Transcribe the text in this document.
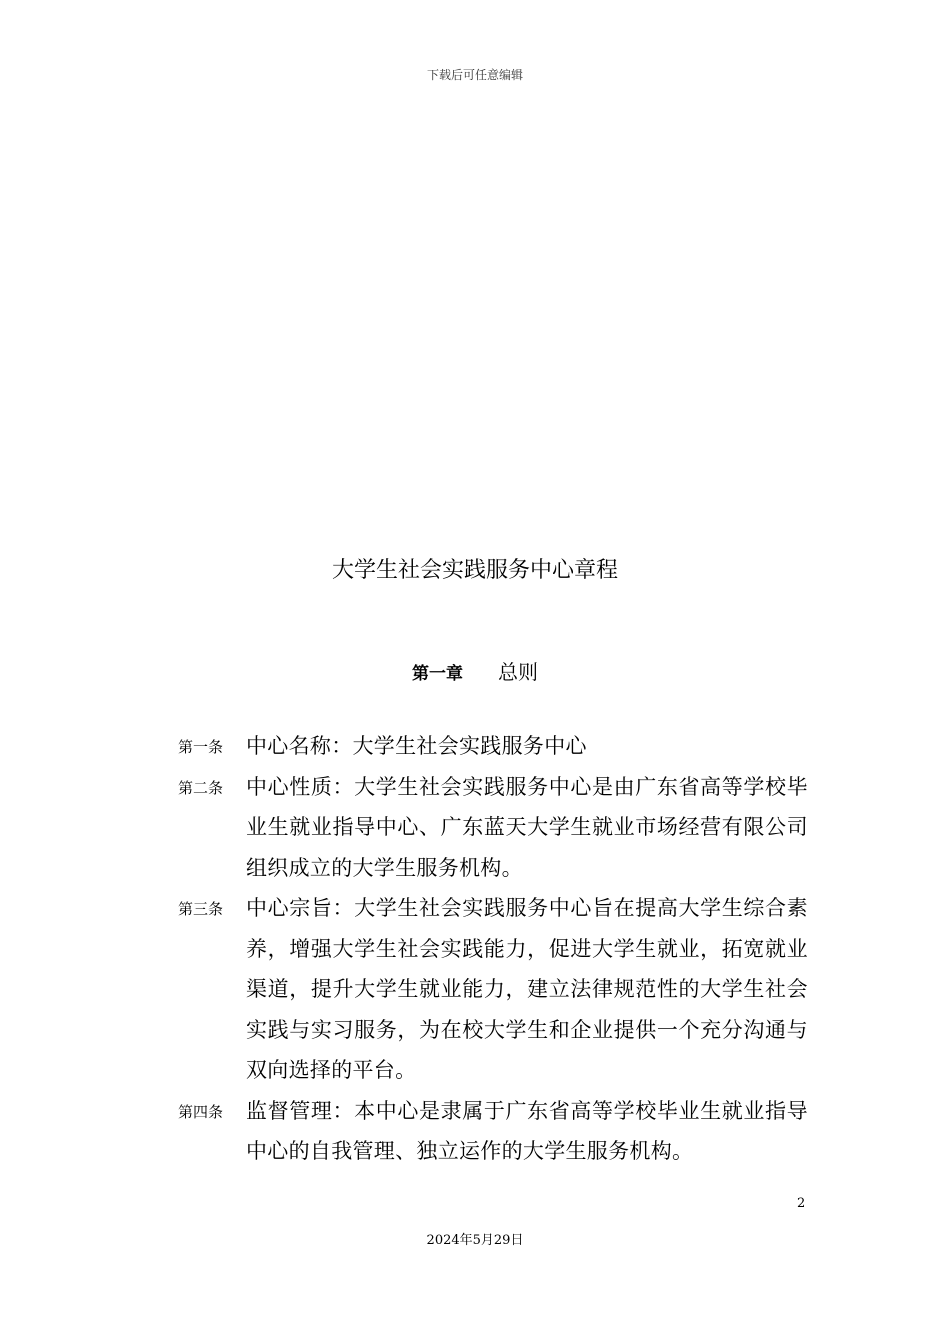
下载后可任意编辑
大学生社会实践服务中心章程
第一章 总则
第一条 中心名称：大学生社会实践服务中心
第二条 中心性质：大学生社会实践服务中心是由广东省高等学校毕业生就业指导中心、广东蓝天大学生就业市场经营有限公司组织成立的大学生服务机构。
第三条 中心宗旨：大学生社会实践服务中心旨在提高大学生综合素养，增强大学生社会实践能力，促进大学生就业，拓宽就业渠道，提升大学生就业能力，建立法律规范性的大学生社会实践与实习服务，为在校大学生和企业提供一个充分沟通与双向选择的平台。
第四条 监督管理：本中心是隶属于广东省高等学校毕业生就业指导中心的自我管理、独立运作的大学生服务机构。
2
2024年5月29日
